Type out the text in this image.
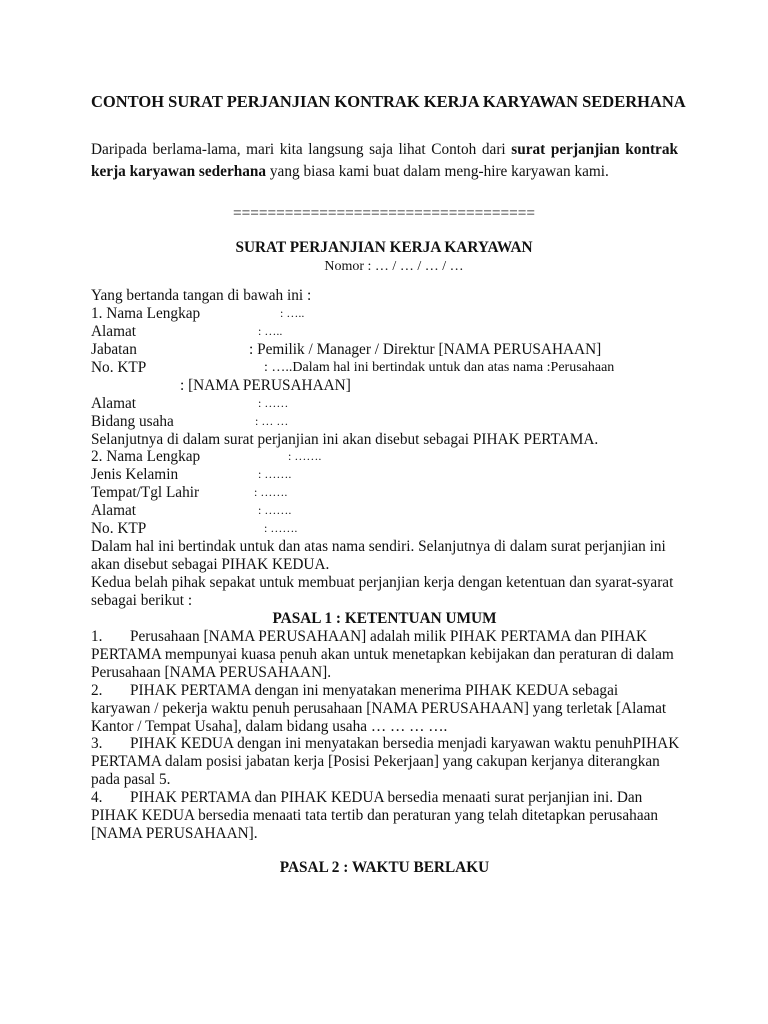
CONTOH SURAT PERJANJIAN KONTRAK KERJA KARYAWAN SEDERHANA
Daripada berlama-lama, mari kita langsung saja lihat Contoh dari surat perjanjian kontrak kerja karyawan sederhana yang biasa kami buat dalam meng-hire karyawan kami.
===================================
SURAT PERJANJIAN KERJA KARYAWAN
Nomor : … / … / … / …
Yang bertanda tangan di bawah ini :
1. Nama Lengkap	: …..
Alamat	: …..
Jabatan	: Pemilik / Manager / Direktur [NAMA PERUSAHAAN]
No. KTP	: …..Dalam hal ini bertindak untuk dan atas nama :Perusahaan
: [NAMA PERUSAHAAN]
Alamat	: ……
Bidang usaha	: … …
Selanjutnya di dalam surat perjanjian ini akan disebut sebagai PIHAK PERTAMA.
2. Nama Lengkap	: …….
Jenis Kelamin	: …….
Tempat/Tgl Lahir	: …….
Alamat	: …….
No. KTP	: …….
Dalam hal ini bertindak untuk dan atas nama sendiri. Selanjutnya di dalam surat perjanjian ini
akan disebut sebagai PIHAK KEDUA.
Kedua belah pihak sepakat untuk membuat perjanjian kerja dengan ketentuan dan syarat-syarat
sebagai berikut :
PASAL 1 : KETENTUAN UMUM
1. Perusahaan [NAMA PERUSAHAAN] adalah milik PIHAK PERTAMA dan PIHAK
PERTAMA mempunyai kuasa penuh akan untuk menetapkan kebijakan dan peraturan di dalam
Perusahaan [NAMA PERUSAHAAN].
2. PIHAK PERTAMA dengan ini menyatakan menerima PIHAK KEDUA sebagai
karyawan / pekerja waktu penuh perusahaan [NAMA PERUSAHAAN] yang terletak [Alamat
Kantor / Tempat Usaha], dalam bidang usaha … … … ….
3. PIHAK KEDUA dengan ini menyatakan bersedia menjadi karyawan waktu penuhPIHAK
PERTAMA dalam posisi jabatan kerja [Posisi Pekerjaan] yang cakupan kerjanya diterangkan
pada pasal 5.
4. PIHAK PERTAMA dan PIHAK KEDUA bersedia menaati surat perjanjian ini. Dan
PIHAK KEDUA bersedia menaati tata tertib dan peraturan yang telah ditetapkan perusahaan
[NAMA PERUSAHAAN].
PASAL 2 : WAKTU BERLAKU
